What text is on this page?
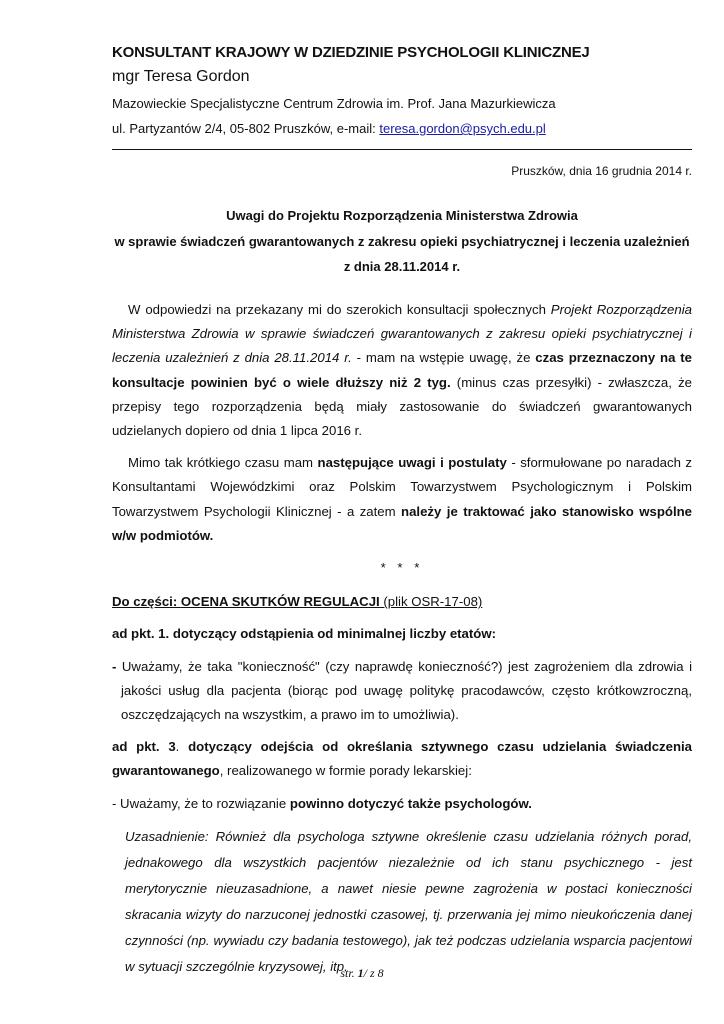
KONSULTANT KRAJOWY W DZIEDZINIE PSYCHOLOGII KLINICZNEJ
mgr Teresa Gordon
Mazowieckie Specjalistyczne Centrum Zdrowia im. Prof. Jana Mazurkiewicza
ul. Partyzantów 2/4, 05-802 Pruszków, e-mail: teresa.gordon@psych.edu.pl
Pruszków, dnia 16 grudnia 2014 r.
Uwagi do Projektu Rozporządzenia Ministerstwa Zdrowia
w sprawie świadczeń gwarantowanych z zakresu opieki psychiatrycznej i leczenia uzależnień
z dnia 28.11.2014 r.

W odpowiedzi na przekazany mi do szerokich konsultacji społecznych Projekt Rozporządzenia Ministerstwa Zdrowia w sprawie świadczeń gwarantowanych z zakresu opieki psychiatrycznej i leczenia uzależnień z dnia 28.11.2014 r. - mam na wstępie uwagę, że czas przeznaczony na te konsultacje powinien być o wiele dłuższy niż 2 tyg. (minus czas przesyłki) - zwłaszcza, że przepisy tego rozporządzenia będą miały zastosowanie do świadczeń gwarantowanych udzielanych dopiero od dnia 1 lipca 2016 r.

Mimo tak krótkiego czasu mam następujące uwagi i postulaty - sformułowane po naradach z Konsultantami Wojewódzkimi oraz Polskim Towarzystwem Psychologicznym i Polskim Towarzystwem Psychologii Klinicznej - a zatem należy je traktować jako stanowisko wspólne w/w podmiotów.

* * *

Do części: OCENA SKUTKÓW REGULACJI (plik OSR-17-08)

ad pkt. 1. dotyczący odstąpienia od minimalnej liczby etatów:

- Uważamy, że taka "konieczność" (czy naprawdę konieczność?) jest zagrożeniem dla zdrowia i jakości usług dla pacjenta (biorąc pod uwagę politykę pracodawców, często krótkowzroczną, oszczędzających na wszystkim, a prawo im to umożliwia).

ad pkt. 3. dotyczący odejścia od określania sztywnego czasu udzielania świadczenia gwarantowanego, realizowanego w formie porady lekarskiej:

- Uważamy, że to rozwiązanie powinno dotyczyć także psychologów.

Uzasadnienie: Również dla psychologa sztywne określenie czasu udzielania różnych porad, jednakowego dla wszystkich pacjentów niezależnie od ich stanu psychicznego - jest merytorycznie nieuzasadnione, a nawet niesie pewne zagrożenia w postaci konieczności skracania wizyty do narzuconej jednostki czasowej, tj. przerwania jej mimo nieukończenia danej czynności (np. wywiadu czy badania testowego), jak też podczas udzielania wsparcia pacjentowi w sytuacji szczególnie kryzysowej, itp.

str. 1/ z 8
